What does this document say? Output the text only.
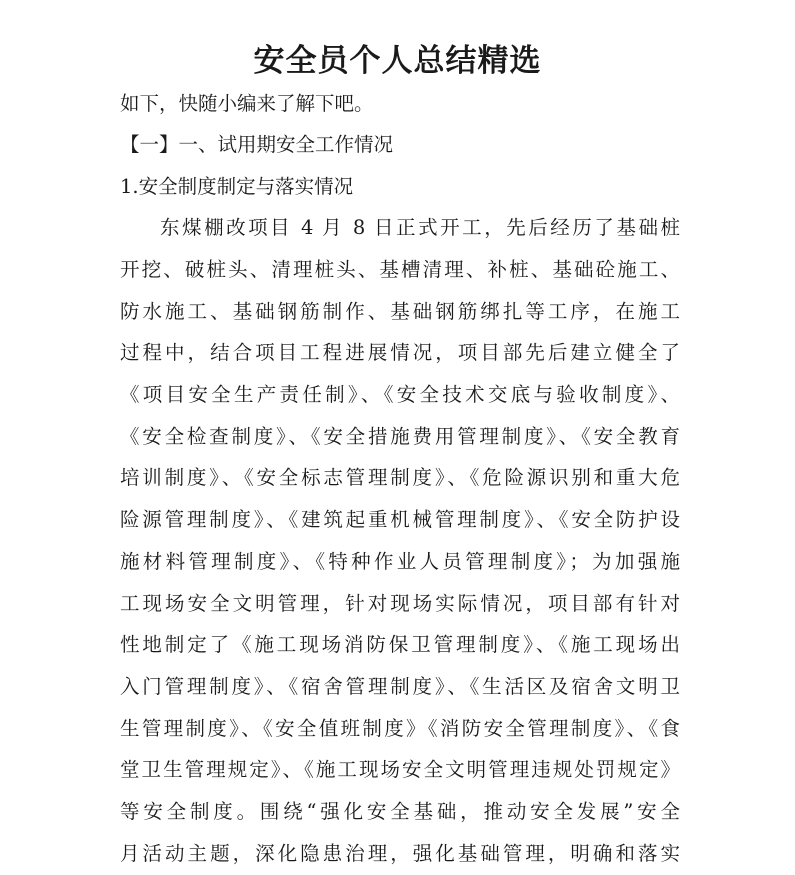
安全员个人总结精选

如下，快随小编来了解下吧。

【一】一、试用期安全工作情况

1.安全制度制定与落实情况

东煤棚改项目 4 月 8 日正式开工，先后经历了基础桩

开挖、破桩头、清理桩头、基槽清理、补桩、基础砼施工、

防水施工、基础钢筋制作、基础钢筋绑扎等工序，在施工

过程中，结合项目工程进展情况，项目部先后建立健全了

《项目安全生产责任制》、《安全技术交底与验收制度》、

《安全检查制度》、《安全措施费用管理制度》、《安全教育

培训制度》、《安全标志管理制度》、《危险源识别和重大危

险源管理制度》、《建筑起重机械管理制度》、《安全防护设

施材料管理制度》、《特种作业人员管理制度》；为加强施

工现场安全文明管理，针对现场实际情况，项目部有针对

性地制定了《施工现场消防保卫管理制度》、《施工现场出

入门管理制度》、《宿舍管理制度》、《生活区及宿舍文明卫

生管理制度》、《安全值班制度》《消防安全管理制度》、《食

堂卫生管理规定》、《施工现场安全文明管理违规处罚规定》

等安全制度。围绕“强化安全基础，推动安全发展”安全

月活动主题，深化隐患治理，强化基础管理，明确和落实
